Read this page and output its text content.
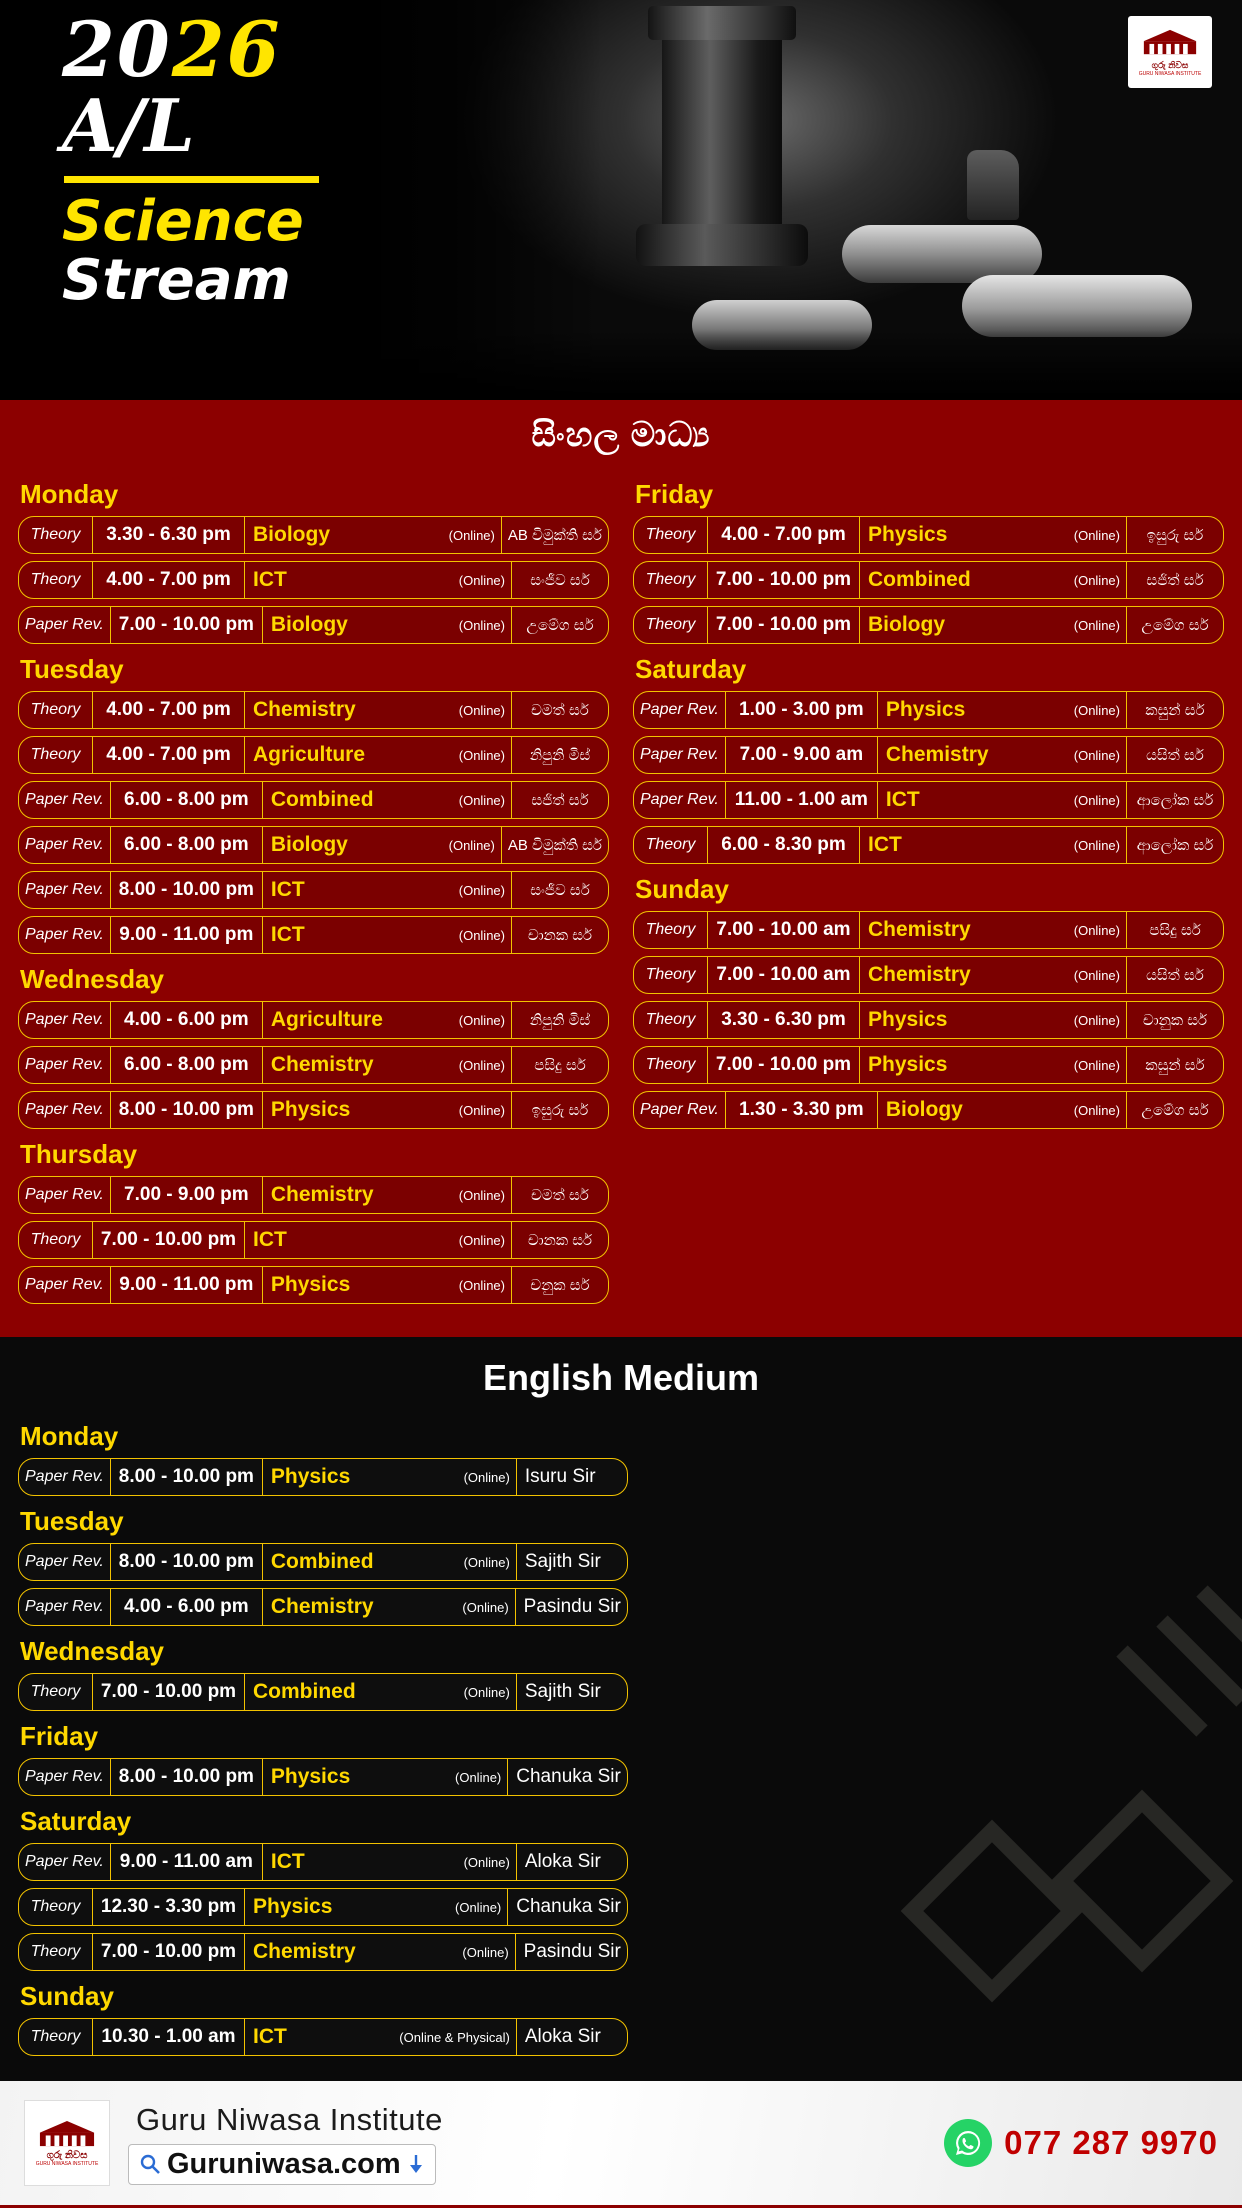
2026
A/L
Science
Stream
ගුරු නිවස
GURU NIWASA INSTITUTE
සිංහල මාධ්‍ය
Monday
Theory	3.30 - 6.30 pm	Biology	(Online) AB විමුක්ති සර්
Theory	4.00 - 7.00 pm	ICT	(Online)	සංජීව සර්
Paper Rev. 7.00 - 10.00 pm Biology	(Online)	උමේග සර්
Tuesday
Theory	4.00 - 7.00 pm	Chemistry	(Online)	චමත් සර්
Theory	4.00 - 7.00 pm	Agriculture	(Online)	නිපුනි මිස්
Paper Rev.	6.00 - 8.00 pm	Combined	(Online)	සජිත් සර්
Paper Rev.	6.00 - 8.00 pm	Biology	(Online) AB විමුක්ති සර්
Paper Rev. 8.00 - 10.00 pm ICT	(Online)	සංජීව සර්
Paper Rev. 9.00 - 11.00 pm ICT	(Online)	චානක සර්
Wednesday
Paper Rev.	4.00 - 6.00 pm	Agriculture	(Online)	නිපුනි මිස්
Paper Rev.	6.00 - 8.00 pm	Chemistry	(Online)	පසිදු සර්
Paper Rev. 8.00 - 10.00 pm Physics	(Online)	ඉසුරු සර්
Thursday
Paper Rev.	7.00 - 9.00 pm	Chemistry	(Online)	චමත් සර්
Theory	7.00 - 10.00 pm ICT	(Online)	චානක සර්
Paper Rev. 9.00 - 11.00 pm Physics	(Online)	චනුක සර්
Friday
Theory	4.00 - 7.00 pm	Physics	(Online)	ඉසුරු සර්
Theory	7.00 - 10.00 pm Combined	(Online)	සජිත් සර්
Theory	7.00 - 10.00 pm Biology	(Online)	උමේග සර්
Saturday
Paper Rev.	1.00 - 3.00 pm	Physics	(Online)	කසුන් සර්
Paper Rev.	7.00 - 9.00 am	Chemistry	(Online)	යසිත් සර්
Paper Rev. 11.00 - 1.00 am ICT	(Online)	ආලෝක සර්
Theory	6.00 - 8.30 pm	ICT	(Online)	ආලෝක සර්
Sunday
Theory	7.00 - 10.00 am Chemistry	(Online)	පසිදු සර්
Theory	7.00 - 10.00 am Chemistry	(Online)	යසිත් සර්
Theory	3.30 - 6.30 pm	Physics	(Online)	චානුක සර්
Theory	7.00 - 10.00 pm Physics	(Online)	කසුන් සර්
Paper Rev.	1.30 - 3.30 pm	Biology	(Online)	උමේග සර්
English Medium
Monday
Paper Rev. 8.00 - 10.00 pm Physics	(Online) Isuru Sir
Tuesday
Paper Rev. 8.00 - 10.00 pm Combined	(Online) Sajith Sir
Paper Rev.	4.00 - 6.00 pm	Chemistry	(Online) Pasindu Sir
Wednesday
Theory	7.00 - 10.00 pm Combined	(Online) Sajith Sir
Friday
Paper Rev. 8.00 - 10.00 pm Physics	(Online) Chanuka Sir
Saturday
Paper Rev. 9.00 - 11.00 am ICT	(Online) Aloka Sir
Theory	12.30 - 3.30 pm Physics	(Online) Chanuka Sir
Theory	7.00 - 10.00 pm Chemistry	(Online) Pasindu Sir
Sunday
Theory	10.30 - 1.00 am ICT	(Online & Physical) Aloka Sir
ගුරු නිවස
GURU NIWASA INSTITUTE
Guru Niwasa Institute
Guruniwasa.com
077 287 9970
